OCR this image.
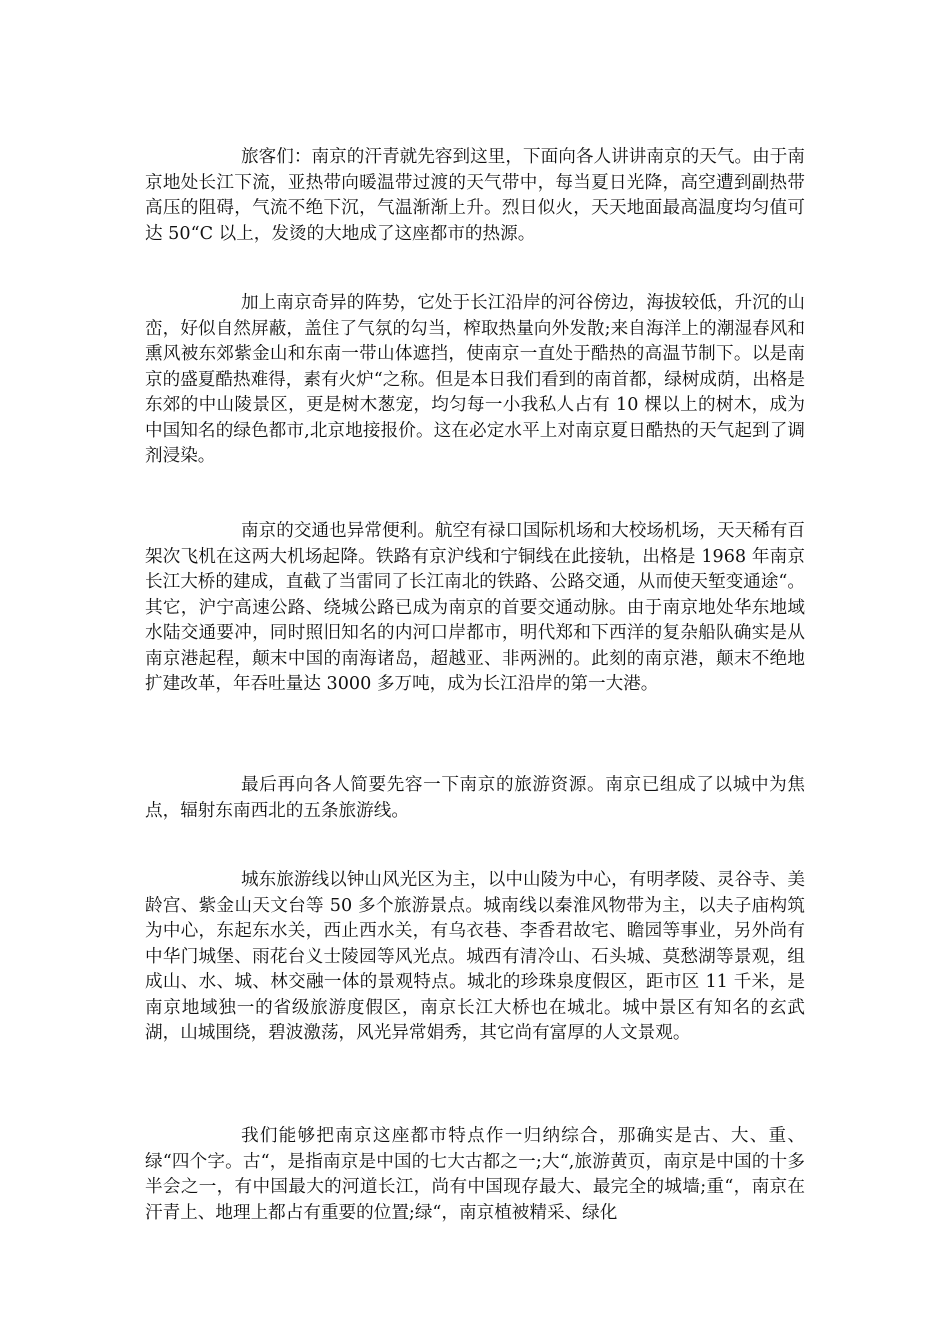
旅客们：南京的汗青就先容到这里，下面向各人讲讲南京的天气。由于南京地处长江下流，亚热带向暖温带过渡的天气带中，每当夏日光降，高空遭到副热带高压的阻碍，气流不绝下沉，气温渐渐上升。烈日似火，天天地面最高温度均匀值可达 50“C 以上，发烫的大地成了这座都市的热源。

加上南京奇异的阵势，它处于长江沿岸的河谷傍边，海拔较低，升沉的山峦，好似自然屏蔽，盖住了气氛的勾当，榨取热量向外发散;来自海洋上的潮湿春风和熏风被东郊紫金山和东南一带山体遮挡，使南京一直处于酷热的高温节制下。以是南京的盛夏酷热难得，素有火炉“之称。但是本日我们看到的南首都，绿树成荫，出格是东郊的中山陵景区，更是树木葱宠，均匀每一小我私人占有 10 棵以上的树木，成为中国知名的绿色都市,北京地接报价。这在必定水平上对南京夏日酷热的天气起到了调剂浸染。

南京的交通也异常便利。航空有禄口国际机场和大校场机场，天天稀有百架次飞机在这两大机场起降。铁路有京沪线和宁铜线在此接轨，出格是 1968 年南京长江大桥的建成，直截了当雷同了长江南北的铁路、公路交通，从而使天堑变通途“。其它，沪宁高速公路、绕城公路已成为南京的首要交通动脉。由于南京地处华东地域水陆交通要冲，同时照旧知名的内河口岸都市，明代郑和下西洋的复杂船队确实是从南京港起程，颠末中国的南海诸岛，超越亚、非两洲的。此刻的南京港，颠末不绝地扩建改革，年吞吐量达 3000 多万吨，成为长江沿岸的第一大港。

最后再向各人简要先容一下南京的旅游资源。南京已组成了以城中为焦点，辐射东南西北的五条旅游线。

城东旅游线以钟山风光区为主，以中山陵为中心，有明孝陵、灵谷寺、美龄宫、紫金山天文台等 50 多个旅游景点。城南线以秦淮风物带为主，以夫子庙构筑为中心，东起东水关，西止西水关，有乌衣巷、李香君故宅、瞻园等事业，另外尚有中华门城堡、雨花台义士陵园等风光点。城西有清冷山、石头城、莫愁湖等景观，组成山、水、城、林交融一体的景观特点。城北的珍珠泉度假区，距市区 11 千米，是南京地域独一的省级旅游度假区，南京长江大桥也在城北。城中景区有知名的玄武湖，山城围绕，碧波激荡，风光异常娟秀，其它尚有富厚的人文景观。

我们能够把南京这座都市特点作一归纳综合，那确实是古、大、重、绿“四个字。古“，是指南京是中国的七大古都之一;大“,旅游黄页，南京是中国的十多半会之一，有中国最大的河道长江，尚有中国现存最大、最完全的城墙;重“，南京在汗青上、地理上都占有重要的位置;绿“，南京植被精采、绿化
